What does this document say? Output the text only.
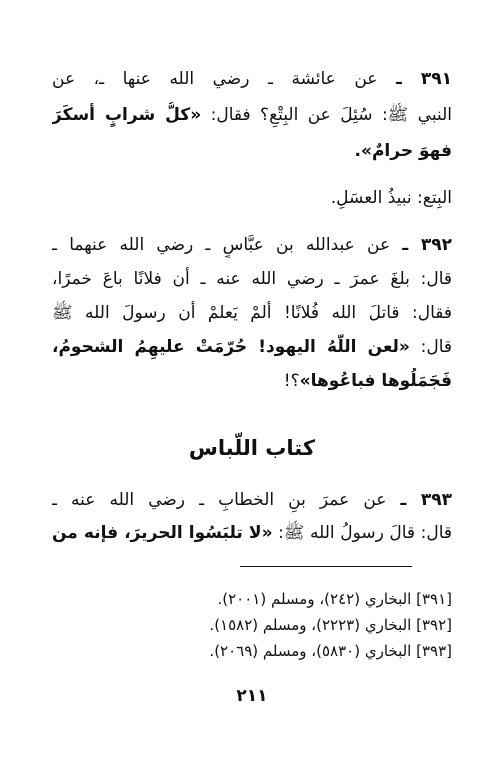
٣٩١ ـ عن عائشة ـ رضي الله عنها ـ، عن
النبي ﷺ: سُئِلَ عن البِتْعِ؟ فقال: «كلُّ شرابٍ أسكَرَ
فهوَ حرامٌ».
البِتع: نبيذُ العسَلِ.
٣٩٢ ـ عن عبدالله بن عبَّاسٍ ـ رضي الله عنهما ـ
قال: بلغَ عمرَ ـ رضي الله عنه ـ أن فلانًا باعَ خمرًا،
فقال: قاتلَ الله فُلانًا! ألمْ يَعلمْ أن رسولَ الله ﷺ
قال: «لعن اللّهُ اليهود! حُرّمَتْ عليهِمُ الشحومُ،
فَجَمَلُوها فباعُوها»؟!
كتاب اللّباس
٣٩٣ ـ عن عمرَ بنِ الخطابِ ـ رضي الله عنه ـ
قال: قالَ رسولُ الله ﷺ: «لا تلبَسُوا الحريرَ، فإنه من
[٣٩١] البخاري (٢٤٢)، ومسلم (٢٠٠١).
[٣٩٢] البخاري (٢٢٢٣)، ومسلم (١٥٨٢).
[٣٩٣] البخاري (٥٨٣٠)، ومسلم (٢٠٦٩).
٢١١
